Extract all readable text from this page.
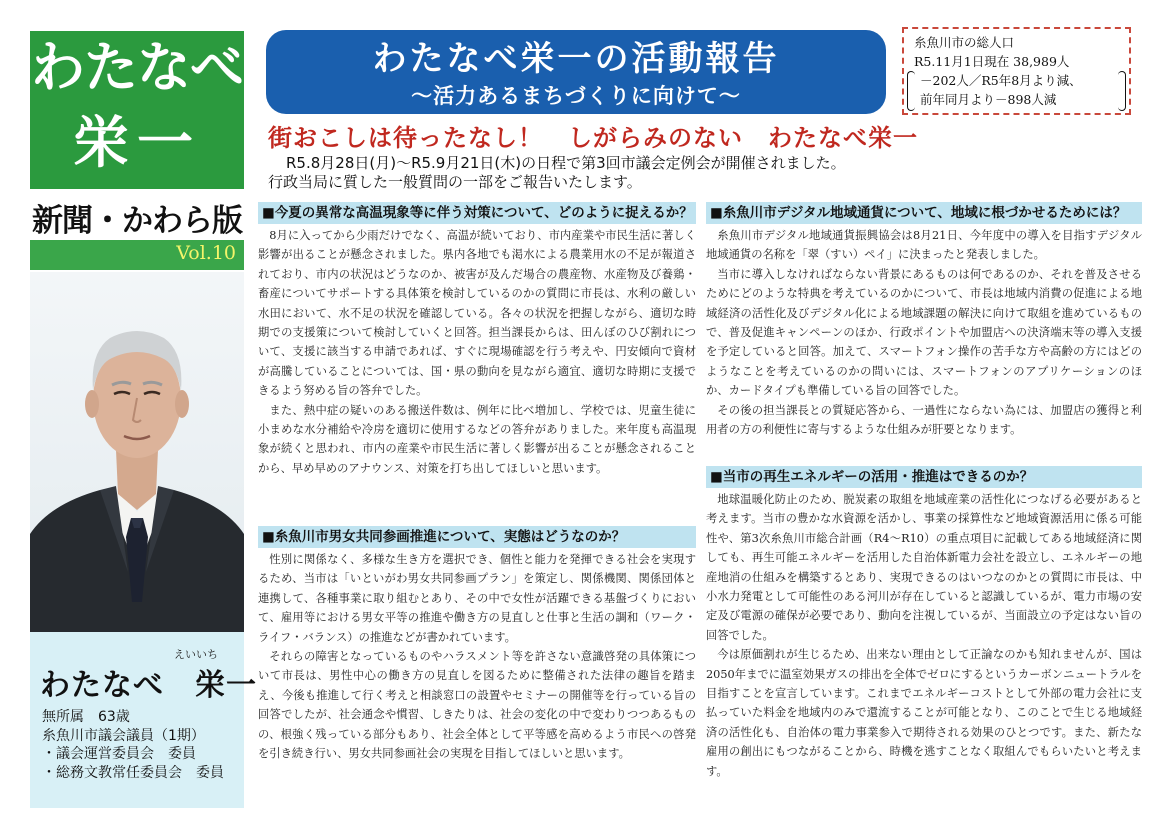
わたなべ
栄一
新聞・かわら版
Vol.10
えいいち
わたなべ　栄一
無所属　63歳
糸魚川市議会議員（1期）
・議会運営委員会　委員
・総務文教常任委員会　委員
わたなべ栄一の活動報告
～活力あるまちづくりに向けて～
糸魚川市の総人口
R5.11月1日現在 38,989人
－202人／R5年8月より減、
前年同月より－898人減
街おこしは待ったなし！　しがらみのない　わたなべ栄一
R5.8月28日(月)～R5.9月21日(木)の日程で第3回市議会定例会が開催されました。
行政当局に質した一般質問の一部をご報告いたします。
■今夏の異常な高温現象等に伴う対策について、どのように捉えるか？

8月に入ってから少雨だけでなく、高温が続いており、市内産業や市民生活に著しく影響が出ることが懸念されました。県内各地でも渇水による農業用水の不足が報道されており、市内の状況はどうなのか、被害が及んだ場合の農産物、水産物及び養鶏・畜産についてサポートする具体策を検討しているのかの質問に市長は、水利の厳しい水田において、水不足の状況を確認している。各々の状況を把握しながら、適切な時期での支援策について検討していくと回答。担当課長からは、田んぼのひび割れについて、支援に該当する申請であれば、すぐに現場確認を行う考えや、円安傾向で資材が高騰していることについては、国・県の動向を見ながら適宜、適切な時期に支援できるよう努める旨の答弁でした。

また、熱中症の疑いのある搬送件数は、例年に比べ増加し、学校では、児童生徒に小まめな水分補給や冷房を適切に使用するなどの答弁がありました。来年度も高温現象が続くと思われ、市内の産業や市民生活に著しく影響が出ることが懸念されることから、早め早めのアナウンス、対策を打ち出してほしいと思います。

■糸魚川市男女共同参画推進について、実態はどうなのか？

性別に関係なく、多様な生き方を選択でき、個性と能力を発揮できる社会を実現するため、当市は「いといがわ男女共同参画プラン」を策定し、関係機関、関係団体と連携して、各種事業に取り組むとあり、その中で女性が活躍できる基盤づくりにおいて、雇用等における男女平等の推進や働き方の見直しと仕事と生活の調和（ワーク・ライフ・バランス）の推進などが書かれています。

それらの障害となっているものやハラスメント等を許さない意識啓発の具体策について市長は、男性中心の働き方の見直しを図るために整備された法律の趣旨を踏まえ、今後も推進して行く考えと相談窓口の設置やセミナーの開催等を行っている旨の回答でしたが、社会通念や慣習、しきたりは、社会の変化の中で変わりつつあるものの、根強く残っている部分もあり、社会全体として平等感を高めるよう市民への啓発を引き続き行い、男女共同参画社会の実現を目指してほしいと思います。

■糸魚川市デジタル地域通貨について、地域に根づかせるためには？

糸魚川市デジタル地域通貨振興協会は8月21日、今年度中の導入を目指すデジタル地域通貨の名称を「翠（すい）ペイ」に決まったと発表しました。

当市に導入しなければならない背景にあるものは何であるのか、それを普及させるためにどのような特典を考えているのかについて、市長は地域内消費の促進による地域経済の活性化及びデジタル化による地域課題の解決に向けて取組を進めているもので、普及促進キャンペーンのほか、行政ポイントや加盟店への決済端末等の導入支援を予定していると回答。加えて、スマートフォン操作の苦手な方や高齢の方にはどのようなことを考えているのかの問いには、スマートフォンのアプリケーションのほか、カードタイプも準備している旨の回答でした。

その後の担当課長との質疑応答から、一過性にならない為には、加盟店の獲得と利用者の方の利便性に寄与するような仕組みが肝要となります。

■当市の再生エネルギーの活用・推進はできるのか？

地球温暖化防止のため、脱炭素の取組を地域産業の活性化につなげる必要があると考えます。当市の豊かな水資源を活かし、事業の採算性など地域資源活用に係る可能性や、第3次糸魚川市総合計画（R4～R10）の重点項目に記載してある地域経済に関しても、再生可能エネルギーを活用した自治体新電力会社を設立し、エネルギーの地産地消の仕組みを構築するとあり、実現できるのはいつなのかとの質問に市長は、中小水力発電として可能性のある河川が存在していると認識しているが、電力市場の安定及び電源の確保が必要であり、動向を注視しているが、当面設立の予定はない旨の回答でした。

今は原価割れが生じるため、出来ない理由として正論なのかも知れませんが、国は2050年までに温室効果ガスの排出を全体でゼロにするというカーボンニュートラルを目指すことを宣言しています。これまでエネルギーコストとして外部の電力会社に支払っていた料金を地域内のみで還流することが可能となり、このことで生じる地域経済の活性化も、自治体の電力事業参入で期待される効果のひとつです。また、新たな雇用の創出にもつながることから、時機を逃すことなく取組んでもらいたいと考えます。
